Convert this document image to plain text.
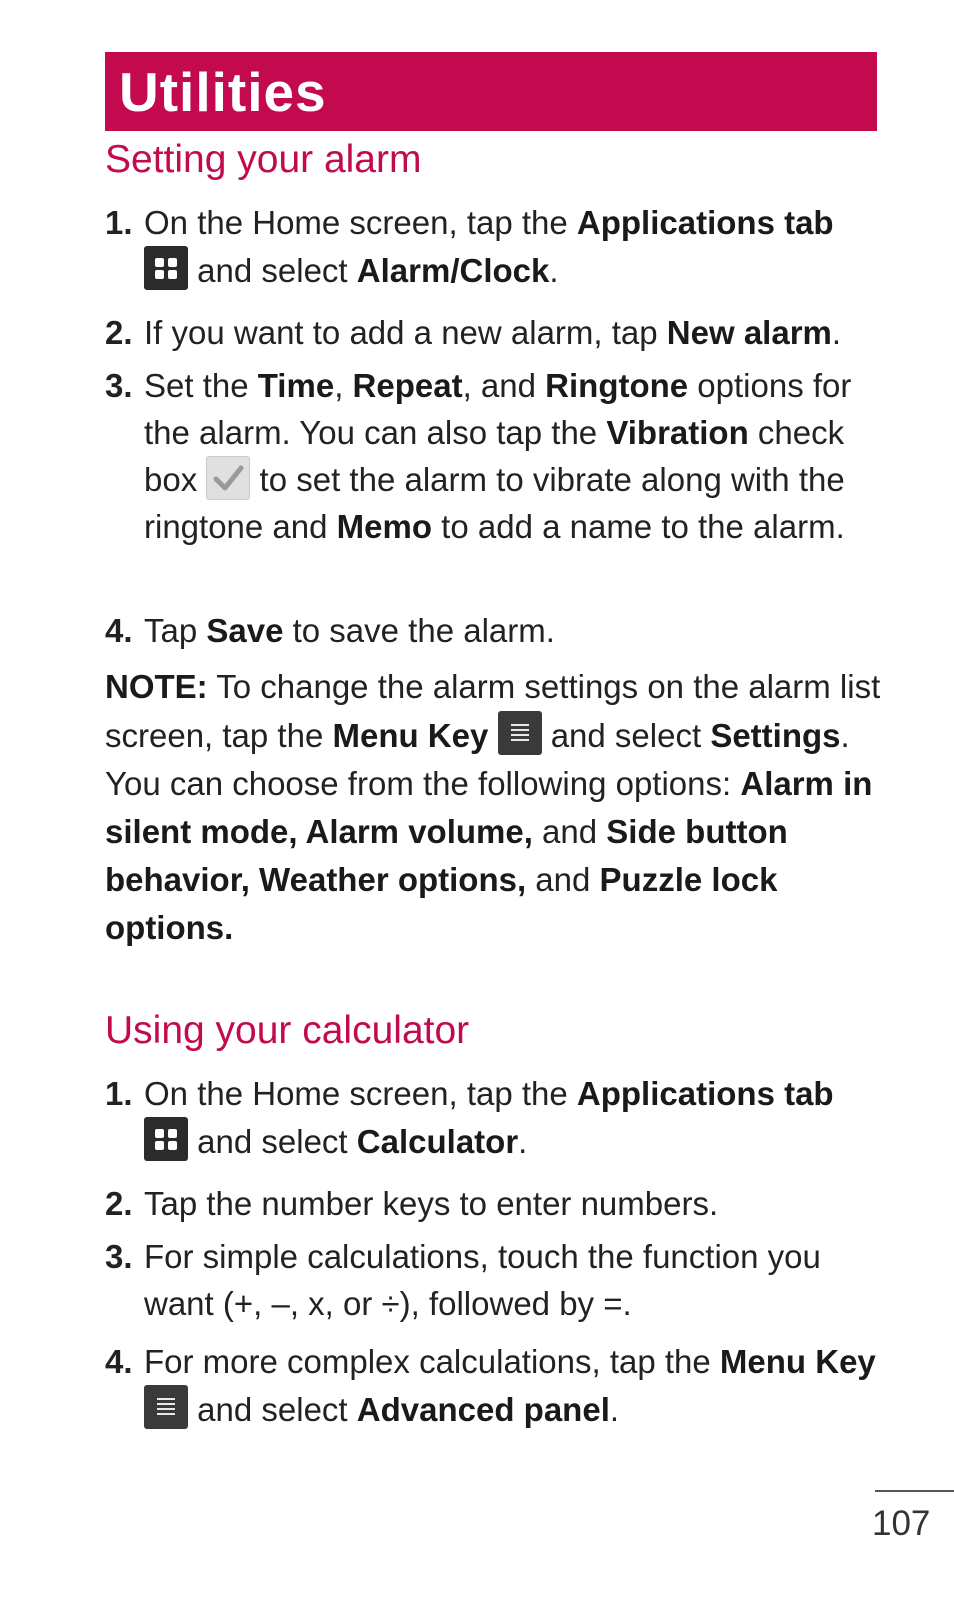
Utilities
Setting your alarm
1. On the Home screen, tap the Applications tab

and select Alarm/Clock.
2. If you want to add a new alarm, tap New alarm.
3. Set the Time, Repeat, and Ringtone options for the alarm. You can also tap the Vibration check box  to set the alarm to vibrate along with the ringtone and Memo to add a name to the alarm.
4. Tap Save to save the alarm.
NOTE: To change the alarm settings on the alarm list screen, tap the Menu Key
and select Settings. You can choose from the following options: Alarm in silent mode, Alarm volume, and Side button behavior, Weather options, and Puzzle lock options.
Using your calculator
1. On the Home screen, tap the Applications tab

and select Calculator.
2. Tap the number keys to enter numbers.
3. For simple calculations, touch the function you want (+, –, x, or ÷), followed by =.
4. For more complex calculations, tap the Menu Key
and select Advanced panel.
107
